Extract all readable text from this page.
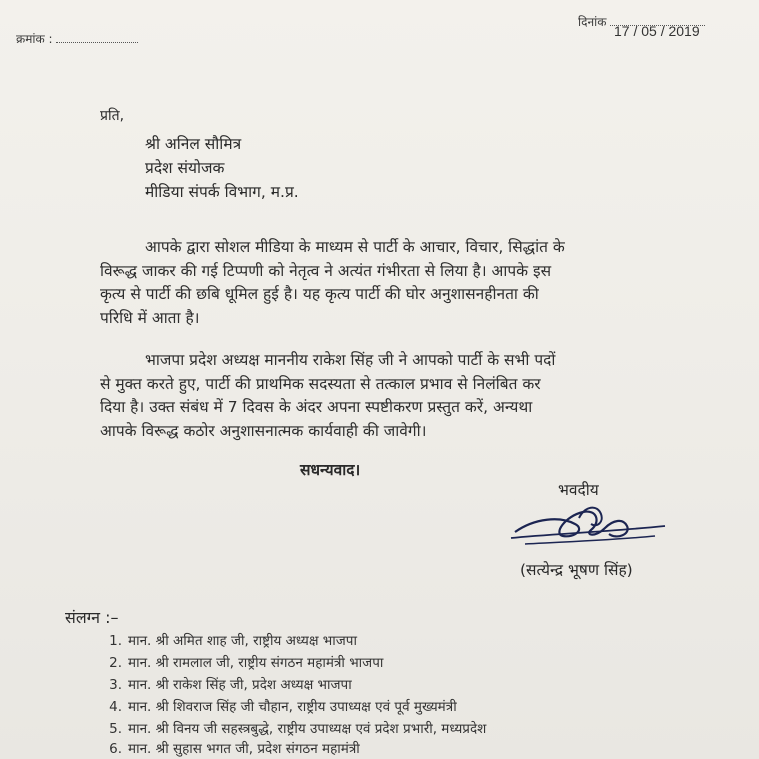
क्रमांक :
दिनांक
17 / 05 / 2019
प्रति,
श्री अनिल सौमित्र
प्रदेश संयोजक
मीडिया संपर्क विभाग, म.प्र.
आपके द्वारा सोशल मीडिया के माध्यम से पार्टी के आचार, विचार, सिद्धांत के
विरूद्ध जाकर की गई टिप्पणी को नेतृत्व ने अत्यंत गंभीरता से लिया है। आपके इस
कृत्य से पार्टी की छबि धूमिल हुई है। यह कृत्य पार्टी की घोर अनुशासनहीनता की
परिधि में आता है।
भाजपा प्रदेश अध्यक्ष माननीय राकेश सिंह जी ने आपको पार्टी के सभी पदों
से मुक्त करते हुए, पार्टी की प्राथमिक सदस्यता से तत्काल प्रभाव से निलंबित कर
दिया है। उक्त संबंध में 7 दिवस के अंदर अपना स्पष्टीकरण प्रस्तुत करें, अन्यथा
आपके विरूद्ध कठोर अनुशासनात्मक कार्यवाही की जावेगी।
सधन्यवाद।
भवदीय
(सत्येन्द्र भूषण सिंह)
संलग्न :–
1. मान. श्री अमित शाह जी, राष्ट्रीय अध्यक्ष भाजपा
2. मान. श्री रामलाल जी, राष्ट्रीय संगठन महामंत्री भाजपा
3. मान. श्री राकेश सिंह जी, प्रदेश अध्यक्ष भाजपा
4. मान. श्री शिवराज सिंह जी चौहान, राष्ट्रीय उपाध्यक्ष एवं पूर्व मुख्यमंत्री
5. मान. श्री विनय जी सहस्त्रबुद्धे, राष्ट्रीय उपाध्यक्ष एवं प्रदेश प्रभारी, मध्यप्रदेश
6. मान. श्री सुहास भगत जी, प्रदेश संगठन महामंत्री
